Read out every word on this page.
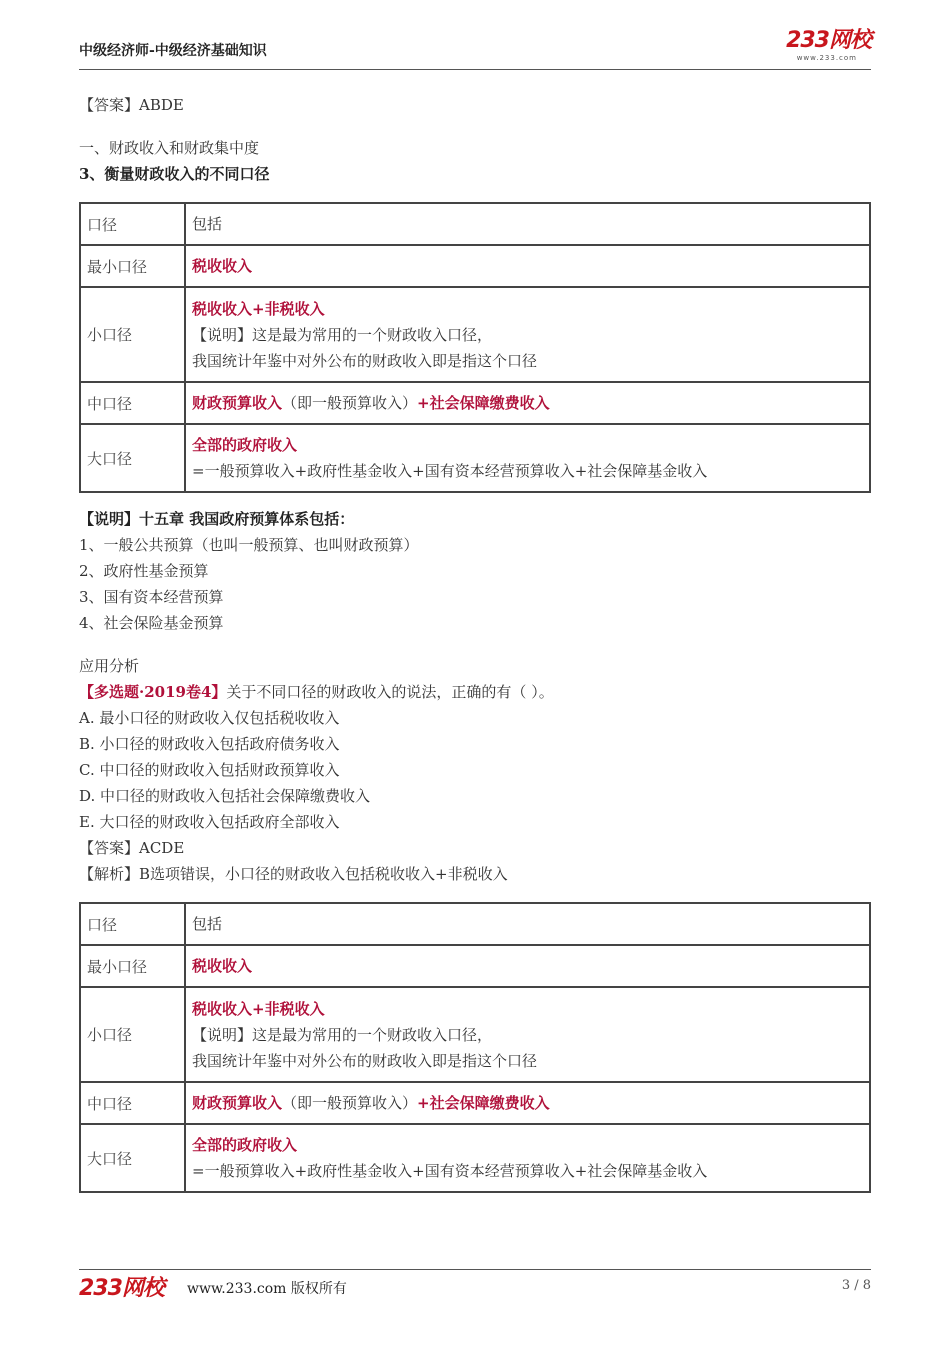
中级经济师-中级经济基础知识	233网校
www.233.com
【答案】ABDE
一、财政收入和财政集中度
3、衡量财政收入的不同口径
口径	包括
最小口径	税收收入
小口径	税收收入+非税收入
【说明】这是最为常用的一个财政收入口径，
我国统计年鉴中对外公布的财政收入即是指这个口径

中口径	财政预算收入（即一般预算收入）+社会保障缴费收入
大口径	全部的政府收入
=一般预算收入+政府性基金收入+国有资本经营预算收入+社会保障基金收入
【说明】十五章 我国政府预算体系包括：
1、一般公共预算（也叫一般预算、也叫财政预算）
2、政府性基金预算
3、国有资本经营预算
4、社会保险基金预算
应用分析
【多选题·2019卷4】关于不同口径的财政收入的说法，正确的有（ ）。
A. 最小口径的财政收入仅包括税收收入
B. 小口径的财政收入包括政府债务收入
C. 中口径的财政收入包括财政预算收入
D. 中口径的财政收入包括社会保障缴费收入
E. 大口径的财政收入包括政府全部收入
【答案】ACDE
【解析】B选项错误，小口径的财政收入包括税收收入+非税收入
口径	包括
最小口径	税收收入
小口径	税收收入+非税收入
【说明】这是最为常用的一个财政收入口径，
我国统计年鉴中对外公布的财政收入即是指这个口径

中口径	财政预算收入（即一般预算收入）+社会保障缴费收入
大口径	全部的政府收入
=一般预算收入+政府性基金收入+国有资本经营预算收入+社会保障基金收入
233网校 www.233.com 版权所有	3 / 8
